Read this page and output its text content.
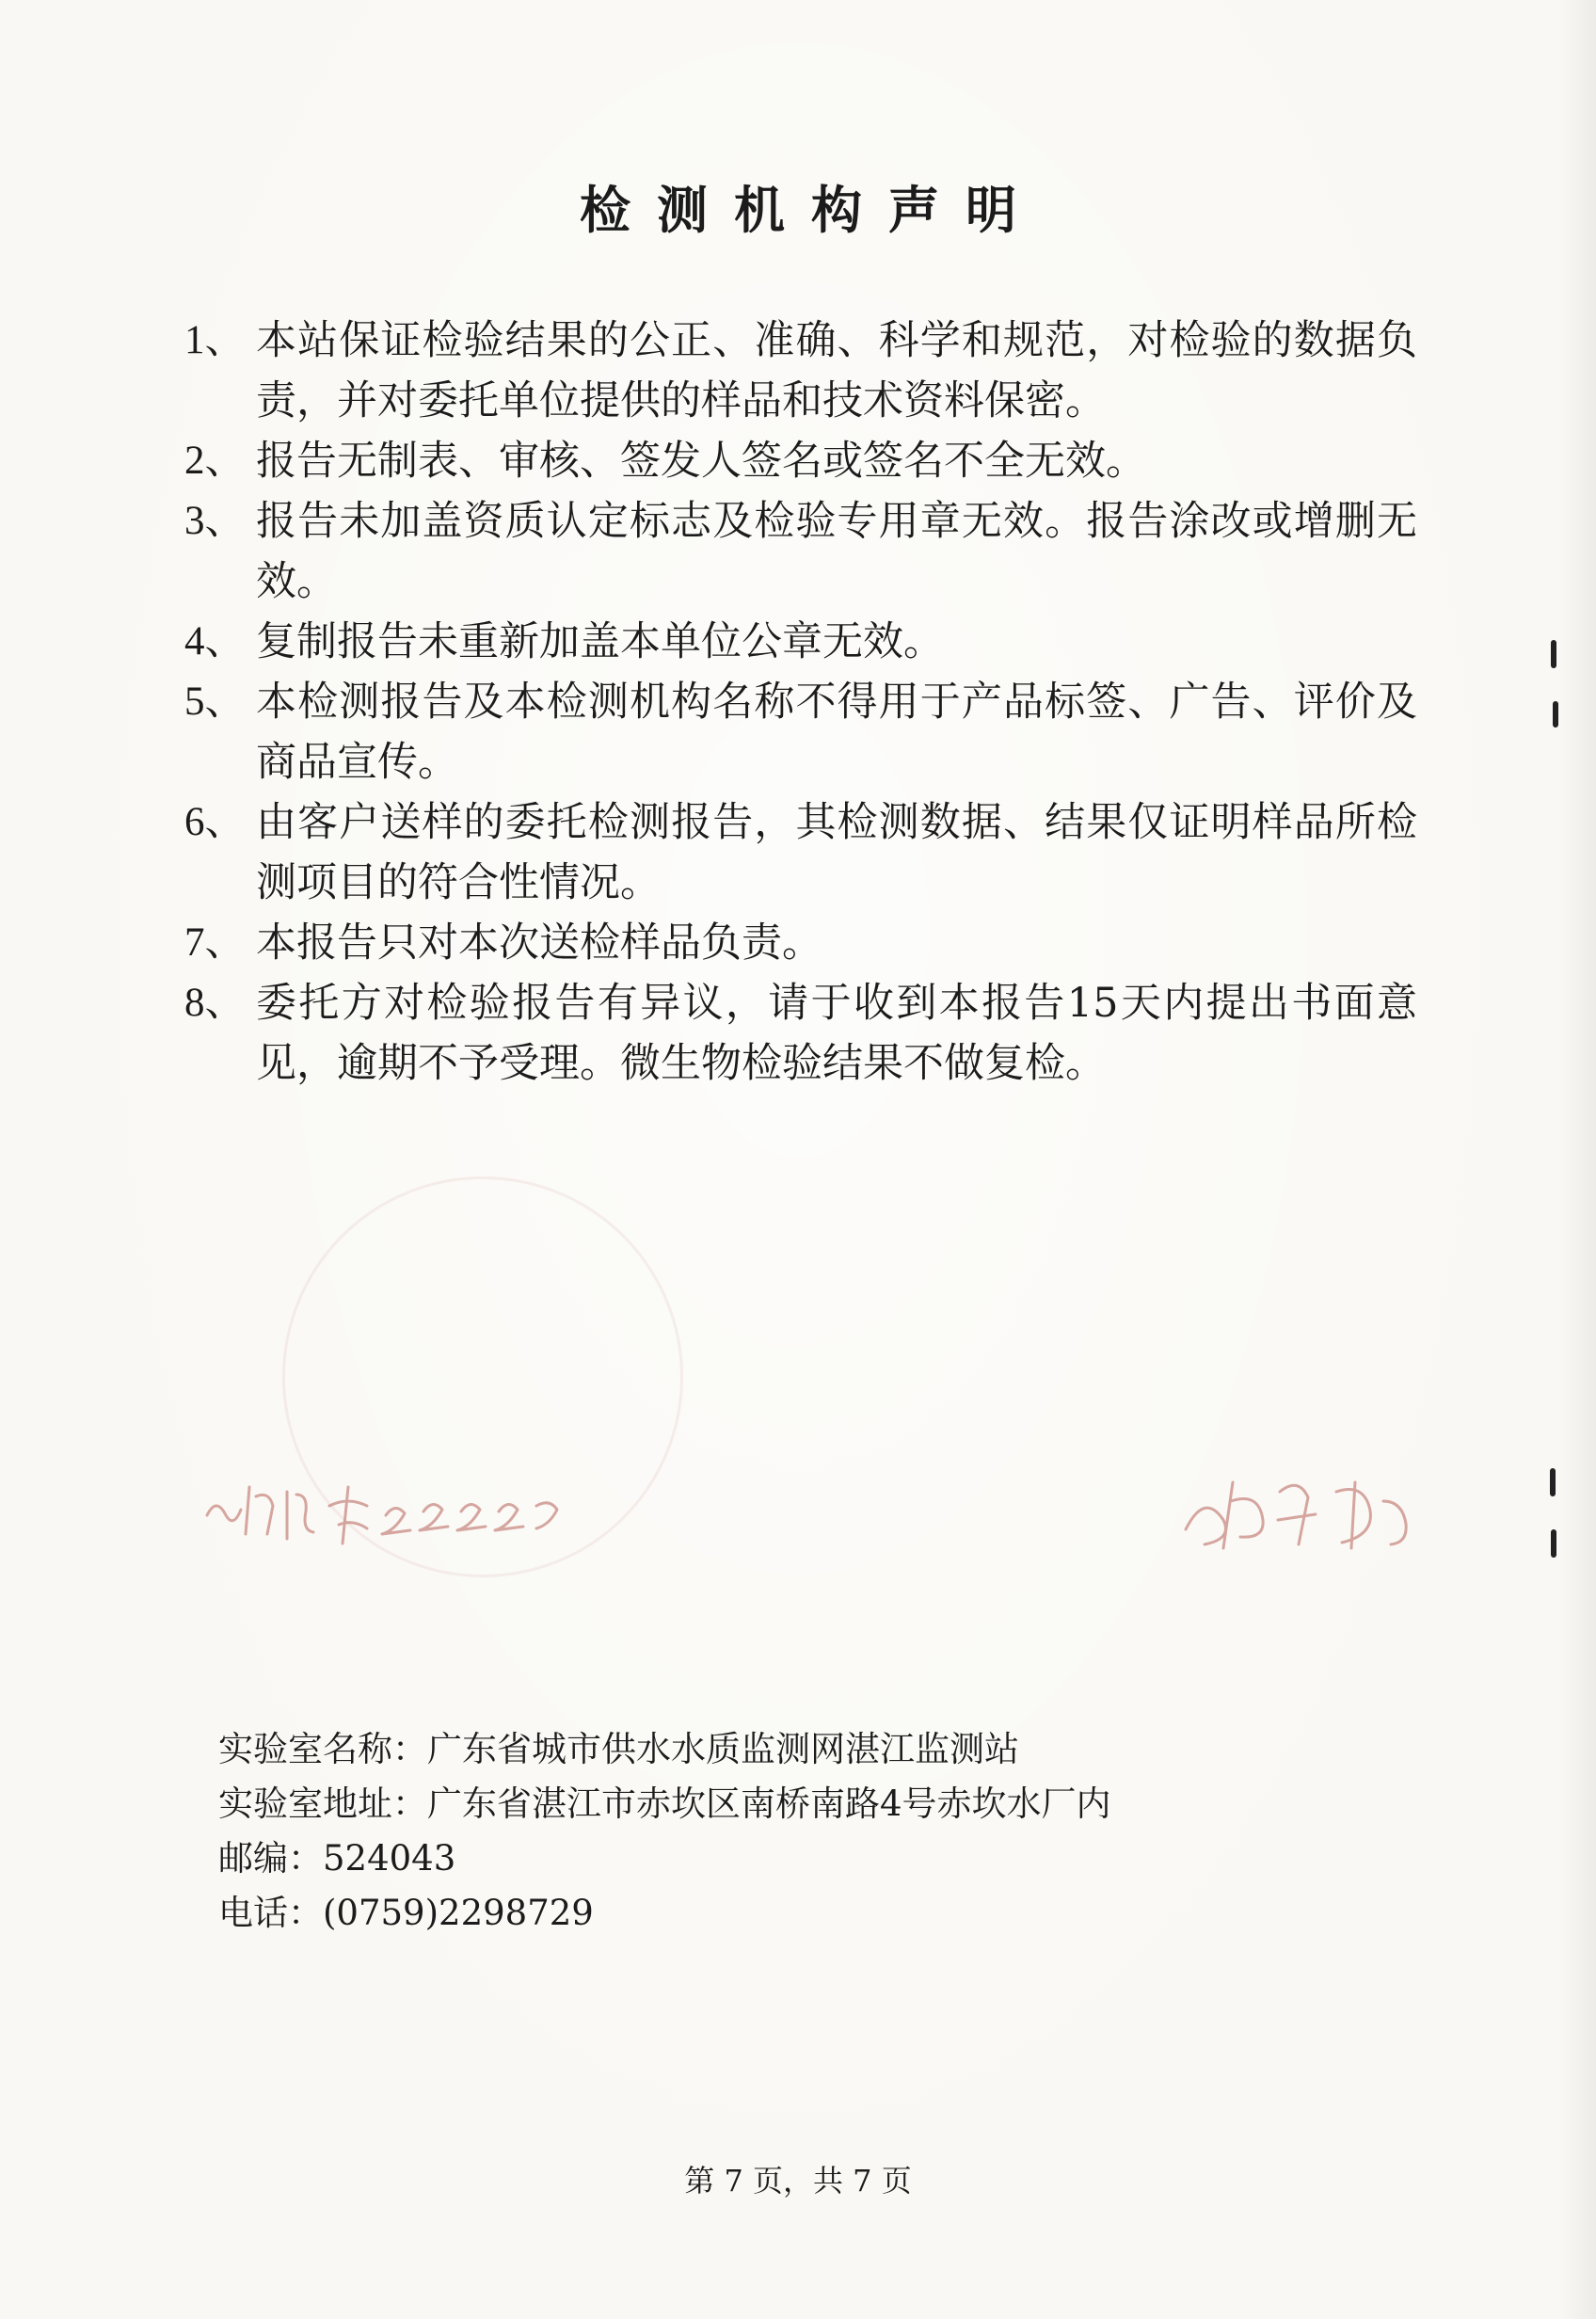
检测机构声明
1、 本站保证检验结果的公正、准确、科学和规范，对检验的数据负责，并对委托单位提供的样品和技术资料保密。
2、 报告无制表、审核、签发人签名或签名不全无效。
3、 报告未加盖资质认定标志及检验专用章无效。报告涂改或增删无效。
4、 复制报告未重新加盖本单位公章无效。
5、 本检测报告及本检测机构名称不得用于产品标签、广告、评价及商品宣传。
6、 由客户送样的委托检测报告，其检测数据、结果仅证明样品所检测项目的符合性情况。
7、 本报告只对本次送检样品负责。
8、 委托方对检验报告有异议，请于收到本报告15天内提出书面意见，逾期不予受理。微生物检验结果不做复检。
实验室名称：广东省城市供水水质监测网湛江监测站
实验室地址：广东省湛江市赤坎区南桥南路4号赤坎水厂内
邮编：524043
电话：(0759)2298729
第 7 页，共 7 页
